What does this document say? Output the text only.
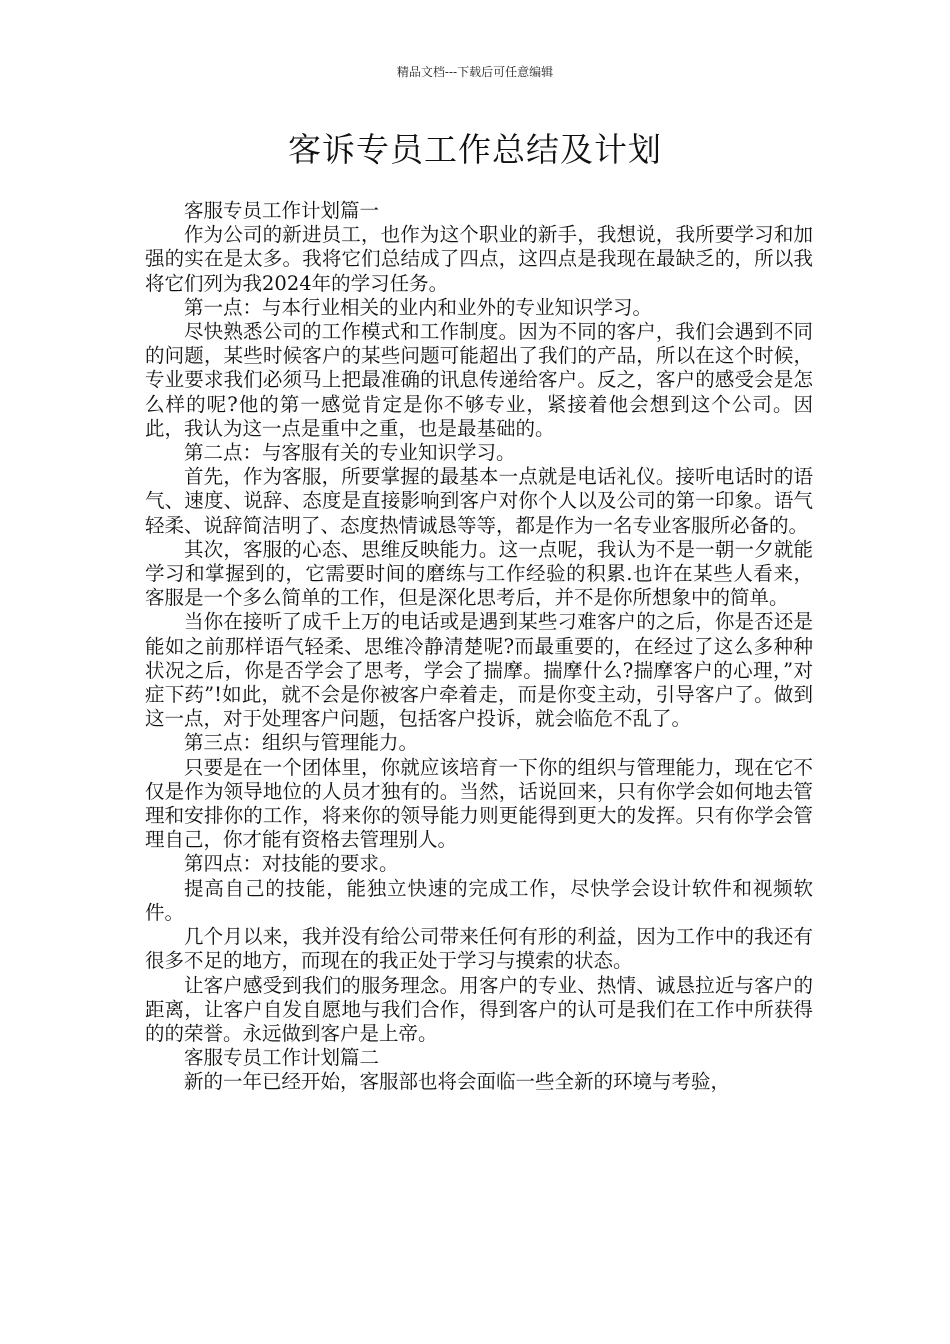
精品文档---下载后可任意编辑
客诉专员工作总结及计划

客服专员工作计划篇一

作为公司的新进员工，也作为这个职业的新手，我想说，我所要学习和加强的实在是太多。我将它们总结成了四点，这四点是我现在最缺乏的，所以我将它们列为我2024年的学习任务。

第一点：与本行业相关的业内和业外的专业知识学习。

尽快熟悉公司的工作模式和工作制度。因为不同的客户，我们会遇到不同的问题，某些时候客户的某些问题可能超出了我们的产品，所以在这个时候，专业要求我们必须马上把最准确的讯息传递给客户。反之，客户的感受会是怎么样的呢?他的第一感觉肯定是你不够专业，紧接着他会想到这个公司。因此，我认为这一点是重中之重，也是最基础的。

第二点：与客服有关的专业知识学习。

首先，作为客服，所要掌握的最基本一点就是电话礼仪。接听电话时的语气、速度、说辞、态度是直接影响到客户对你个人以及公司的第一印象。语气轻柔、说辞简洁明了、态度热情诚恳等等，都是作为一名专业客服所必备的。

其次，客服的心态、思维反映能力。这一点呢，我认为不是一朝一夕就能学习和掌握到的，它需要时间的磨练与工作经验的积累.也许在某些人看来，客服是一个多么简单的工作，但是深化思考后，并不是你所想象中的简单。

当你在接听了成千上万的电话或是遇到某些刁难客户的之后，你是否还是能如之前那样语气轻柔、思维冷静清楚呢?而最重要的，在经过了这么多种种状况之后，你是否学会了思考，学会了揣摩。揣摩什么?揣摩客户的心理，”对症下药”!如此，就不会是你被客户牵着走，而是你变主动，引导客户了。做到这一点，对于处理客户问题，包括客户投诉，就会临危不乱了。

第三点：组织与管理能力。

只要是在一个团体里，你就应该培育一下你的组织与管理能力，现在它不仅是作为领导地位的人员才独有的。当然，话说回来，只有你学会如何地去管理和安排你的工作，将来你的领导能力则更能得到更大的发挥。只有你学会管理自己，你才能有资格去管理别人。

第四点：对技能的要求。

提高自己的技能，能独立快速的完成工作，尽快学会设计软件和视频软件。

几个月以来，我并没有给公司带来任何有形的利益，因为工作中的我还有很多不足的地方，而现在的我正处于学习与摸索的状态。

让客户感受到我们的服务理念。用客户的专业、热情、诚恳拉近与客户的距离，让客户自发自愿地与我们合作，得到客户的认可是我们在工作中所获得的的荣誉。永远做到客户是上帝。

客服专员工作计划篇二

新的一年已经开始，客服部也将会面临一些全新的环境与考验，
